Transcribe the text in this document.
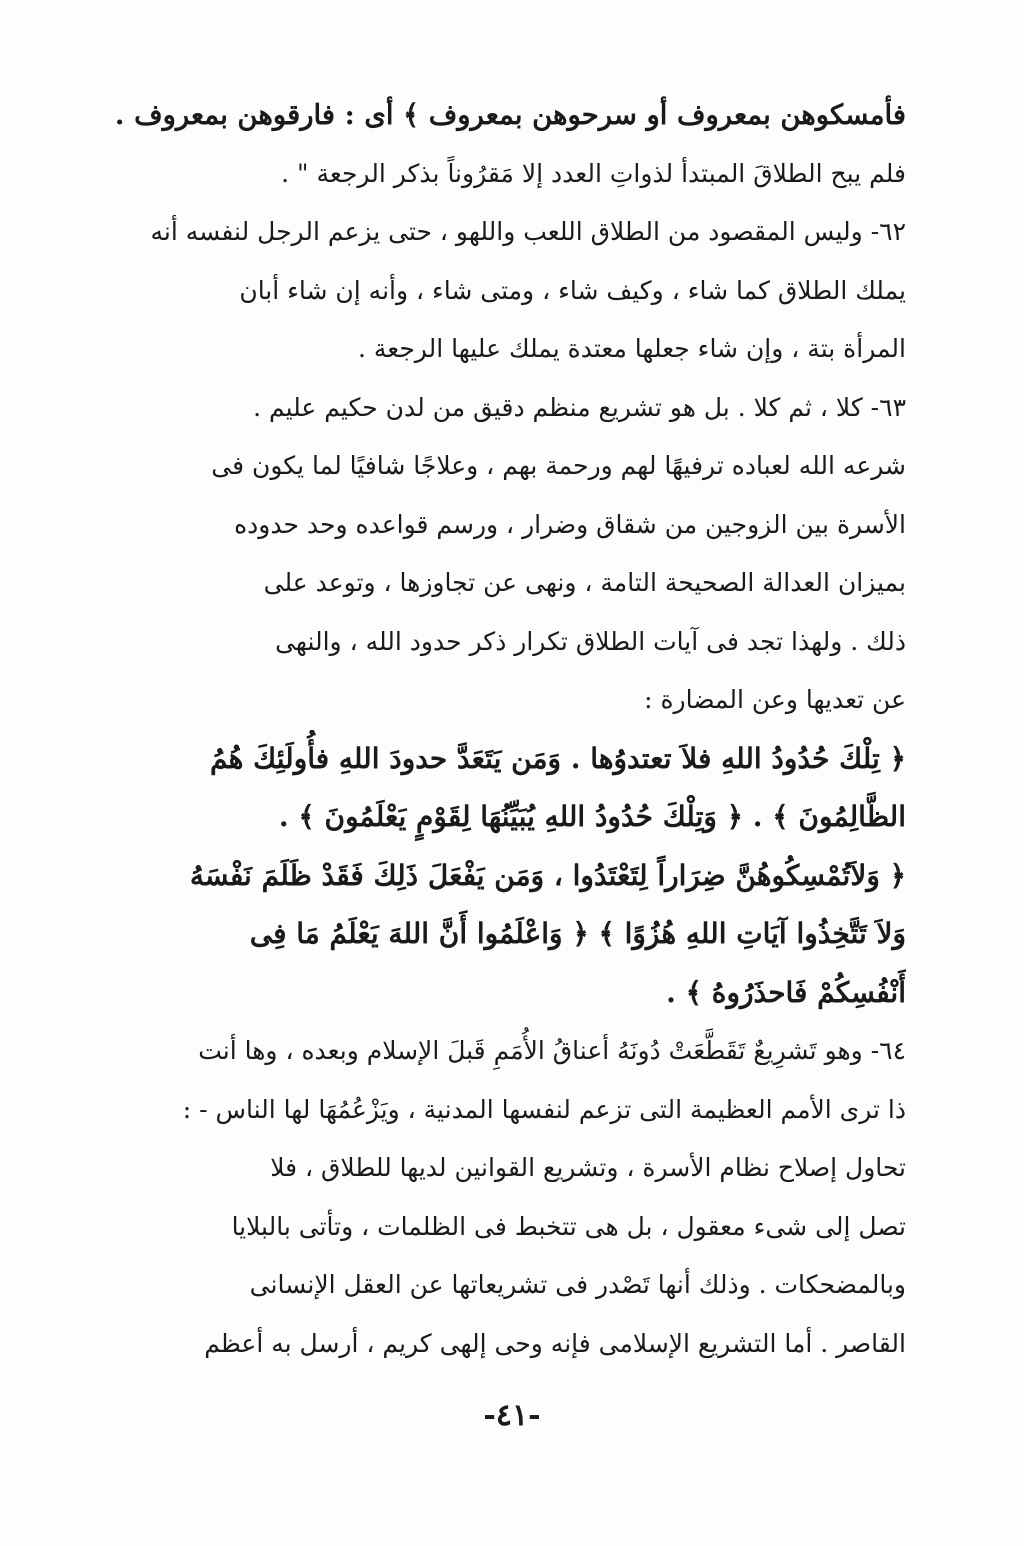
فأمسكوهن بمعروف أو سرحوهن بمعروف ﴾ أى : فارقوهن بمعروف .
فلم يبح الطلاقَ المبتدأ لذواتِ العدد إلا مَقرُوناً بذكر الرجعة " .
٦٢- وليس المقصود من الطلاق اللعب واللهو ، حتى يزعم الرجل لنفسه أنه
يملك الطلاق كما شاء ، وكيف شاء ، ومتى شاء ، وأنه إن شاء أبان
المرأة بتة ، وإن شاء جعلها معتدة يملك عليها الرجعة .
٦٣- كلا ، ثم كلا . بل هو تشريع منظم دقيق من لدن حكيم عليم .
شرعه الله لعباده ترفيهًا لهم ورحمة بهم ، وعلاجًا شافيًا لما يكون فى
الأسرة بين الزوجين من شقاق وضرار ، ورسم قواعده وحد حدوده
بميزان العدالة الصحيحة التامة ، ونهى عن تجاوزها ، وتوعد على
ذلك . ولهذا تجد فى آيات الطلاق تكرار ذكر حدود الله ، والنهى
عن تعديها وعن المضارة :
﴿ تِلْكَ حُدُودُ اللهِ فلاَ تعتدوُها . وَمَن يَتَعَدَّ حدودَ اللهِ فأُولَئِكَ هُمُ
الظَّالِمُونَ ﴾ . ﴿ وَتِلْكَ حُدُودُ اللهِ يُبَيِّنُهَا لِقَوْمٍ يَعْلَمُونَ ﴾ .
﴿ وَلاَتُمْسِكُوهُنَّ ضِرَاراً لِتَعْتَدُوا ، وَمَن يَفْعَلَ ذَلِكَ فَقَدْ ظَلَمَ نَفْسَهُ
وَلاَ تَتَّخِذُوا آيَاتِ اللهِ هُزُوًا ﴾ ﴿ وَاعْلَمُوا أَنَّ اللهَ يَعْلَمُ مَا فِى
أَنْفُسِكُمْ فَاحذَرُوهُ ﴾ .
٦٤- وهو تَشرِيعٌ تَقَطَّعَتْ دُونَهُ أعناقُ الأُمَمِ قَبلَ الإسلام وبعده ، وها أنت
ذا ترى الأمم العظيمة التى تزعم لنفسها المدنية ، ويَزْعُمُهَا لها الناس - :
تحاول إصلاح نظام الأسرة ، وتشريع القوانين لديها للطلاق ، فلا
تصل إلى شىء معقول ، بل هى تتخبط فى الظلمات ، وتأتى بالبلايا
وبالمضحكات . وذلك أنها تَصْدر فى تشريعاتها عن العقل الإنسانى
القاصر . أما التشريع الإسلامى فإنه وحى إلهى كريم ، أرسل به أعظم
-٤١-
